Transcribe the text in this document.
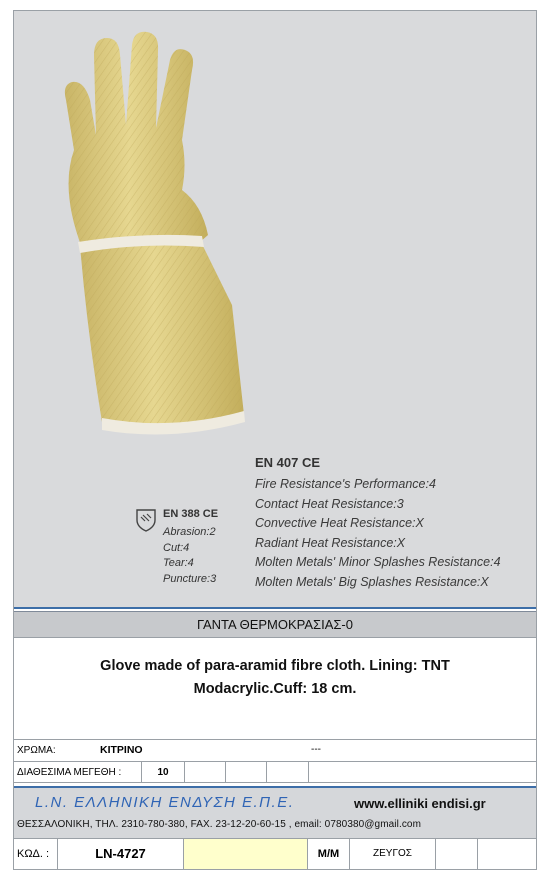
EN 407 CE
Fire Resistance's Performance:4
Contact Heat Resistance:3
Convective Heat Resistance:X
Radiant Heat Resistance:X
Molten Metals' Minor Splashes Resistance:4
Molten Metals' Big Splashes Resistance:X
EN 388 CE
Abrasion:2
Cut:4
Tear:4
Puncture:3
ΓΑΝΤΑ ΘΕΡΜΟΚΡΑΣΙΑΣ-0
Glove made of para-aramid fibre cloth. Lining: TNT
Modacrylic.Cuff: 18 cm.
ΧΡΩΜΑ:	ΚΙΤΡΙΝΟ	---
ΔΙΑΘΕΣΙΜΑ ΜΕΓΕΘΗ :	10
L.N. ΕΛΛΗΝΙΚΗ ΕΝΔΥΣΗ Ε.Π.Ε.	www.elliniki endisi.gr
ΘΕΣΣΑΛΟΝΙΚΗ, ΤΗΛ. 2310-780-380, FAX. 23-12-20-60-15 , email: 0780380@gmail.com
ΚΩΔ. :	LN-4727	Μ/Μ	ΖΕΥΓΟΣ
